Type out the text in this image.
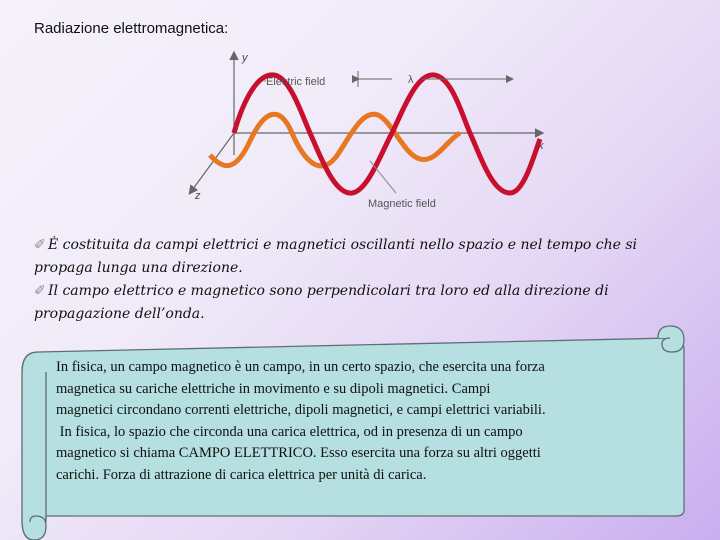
Radiazione elettromagnetica:
y
x
z
Electric field	λ
Magnetic field
✐ È costituita da campi elettrici e magnetici oscillanti nello spazio e nel tempo che si propaga lunga una direzione.
✐ Il campo elettrico e magnetico sono perpendicolari tra loro ed alla direzione di propagazione dell’onda.

In fisica, un campo magnetico è un campo, in un certo spazio, che esercita una forza

magnetica su cariche elettriche in movimento e su dipoli magnetici. Campi

magnetici circondano correnti elettriche, dipoli magnetici, e campi elettrici variabili.

In fisica, lo spazio che circonda una carica elettrica, od in presenza di un campo

magnetico si chiama CAMPO ELETTRICO. Esso esercita una forza su altri oggetti

carichi. Forza di attrazione di carica elettrica per unità di carica.
